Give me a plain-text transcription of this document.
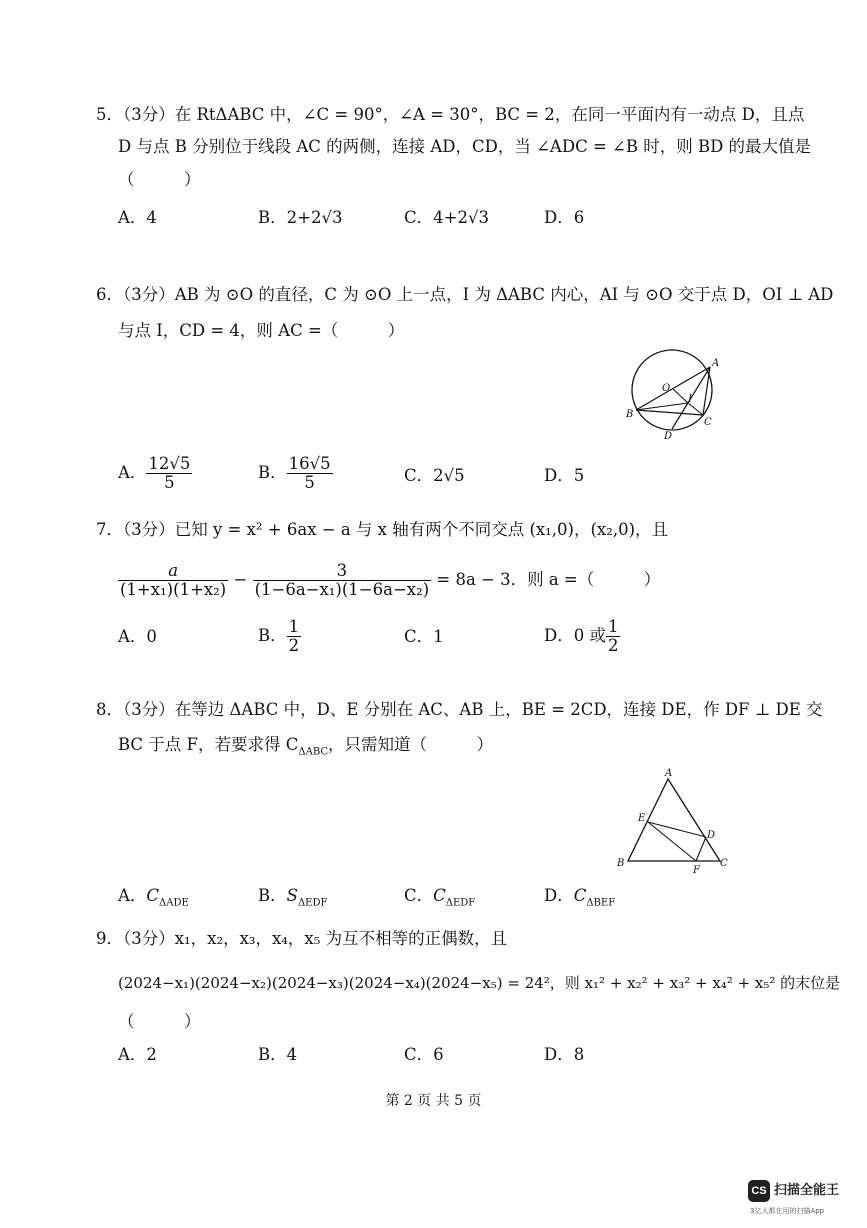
5．（3分）在 RtΔABC 中，∠C = 90°，∠A = 30°，BC = 2，在同一平面内有一动点 D，且点
D 与点 B 分别位于线段 AC 的两侧，连接 AD，CD，当 ∠ADC = ∠B 时，则 BD 的最大值是
（　　　）
A．4	B．2+2√3	C．4+2√3	D．6
6．（3分）AB 为 ⊙O 的直径，C 为 ⊙O 上一点，I 为 ΔABC 内心，AI 与 ⊙O 交于点 D，OI ⊥ AD
与点 I，CD = 4，则 AC =（　　　）
A
O
I
B
D
C
A． $\frac{12√5}{5}$	B． $\frac{16√5}{5}$	C．2√5	D．5
7．（3分）已知 y = x² + 6ax − a 与 x 轴有两个不同交点 (x₁,0)，(x₂,0)，且
$\frac{a}{\text{(1+x₁)(1+x₂)}} - \frac{3}{\text{(1−6a−x₁)(1−6a−x₂)}} = 8a - 3$．则 a =（　　　）
A．0	B． $\frac{1}{2}$	C．1	D．0 或 $\frac{1}{2}$
8．（3分）在等边 ΔABC 中，D、E 分别在 AC、AB 上，BE = 2CD，连接 DE，作 DF ⊥ DE 交
BC 于点 F，若要求得 $C_{\Delta ABC}$，只需知道（　　　）
A
E
D
B
F
C
A．$C_{\Delta ADE}$	B．$S_{\Delta EDF}$	C．$C_{\Delta EDF}$	D．$C_{\Delta BEF}$
9．（3分）x₁，x₂，x₃，x₄，x₅ 为互不相等的正偶数，且
(2024−x₁)(2024−x₂)(2024−x₃)(2024−x₄)(2024−x₅) = 24²，则 x₁² + x₂² + x₃² + x₄² + x₅² 的末位是
（　　　）
A．2	B．4	C．6	D．8
第 2 页 共 5 页
CS 扫描全能王
3亿人都在用的扫描App
